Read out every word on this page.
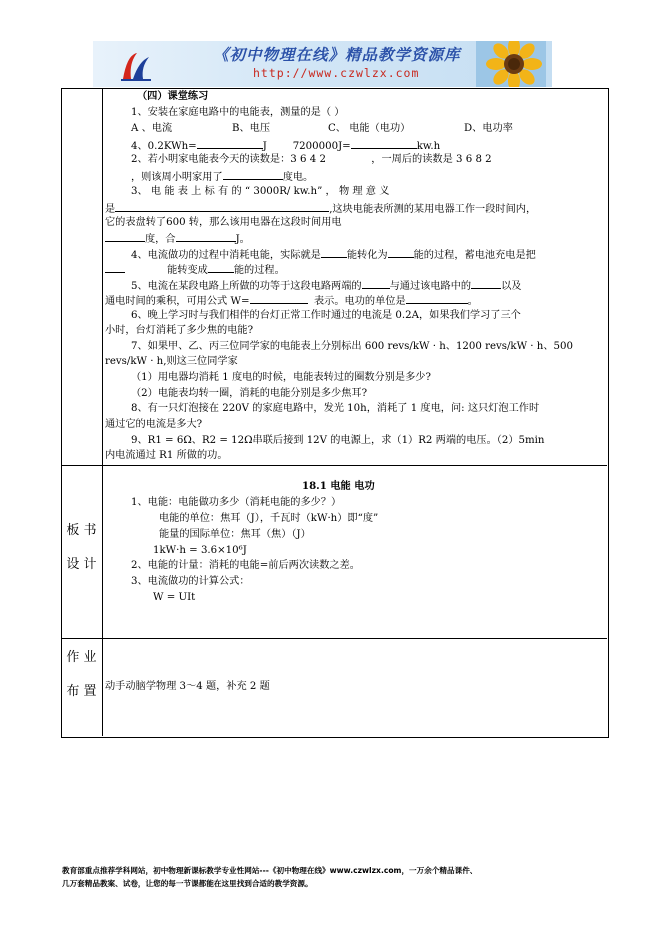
《初中物理在线》精品教学资源库
http://www.czwlzx.com
（四）课堂练习
1、安装在家庭电路中的电能表，测量的是（ ）
A 、电流	B、电压	C、 电能（电功）	D、电功率
4、0.2KWh=	J	7200000J=	kw.h
2、若小明家电能表今天的读数是：3 6 4 2	，一周后的读数是 3 6 8 2
，则该周小明家用了	度电。
3、 电 能 表 上 标 有 的 “ 3000R/ kw.h” ， 物 理 意 义
是	,这块电能表所测的某用电器工作一段时间内，
它的表盘转了600 转，那么该用电器在这段时间用电
度，合	J。
4、电流做功的过程中消耗电能，实际就是	能转化为	能的过程，蓄电池充电是把
能转变成	能的过程。
5、电流在某段电路上所做的功等于这段电路两端的	与通过该电路中的	以及
通电时间的乘积，可用公式 W=	表示。电功的单位是	。
6、晚上学习时与我们相伴的台灯正常工作时通过的电流是 0.2A，如果我们学习了三个
小时，台灯消耗了多少焦的电能?
7、如果甲、乙、丙三位同学家的电能表上分别标出 600 revs/kW · h、1200 revs/kW · h、500
revs/kW · h,则这三位同学家
（1）用电器均消耗 1 度电的时候，电能表转过的圈数分别是多少?
（2）电能表均转一圈，消耗的电能分别是多少焦耳?
8、有一只灯泡接在 220V 的家庭电路中，发光 10h，消耗了 1 度电，问: 这只灯泡工作时
通过它的电流是多大?
9、R1 = 6Ω、R2 = 12Ω串联后接到 12V 的电源上，求（1）R2 两端的电压。（2）5min
内电流通过 R1 所做的功。
板 书
设 计
18.1 电能 电功
1、电能：电能做功多少（消耗电能的多少？）
电能的单位：焦耳（J），千瓦时（kW·h）即“度”
能量的国际单位：焦耳（焦）（J）
1kW·h = 3.6×10⁶J
2、电能的计量：消耗的电能=前后两次读数之差。
3、电流做功的计算公式：
W = UIt
作 业
布 置 动手动脑学物理 3～4 题，补充 2 题
教育部重点推荐学科网站，初中物理新课标教学专业性网站---《初中物理在线》www.czwlzx.com，一万余个精品课件、
几万套精品教案、试卷，让您的每一节课都能在这里找到合适的教学资源。
